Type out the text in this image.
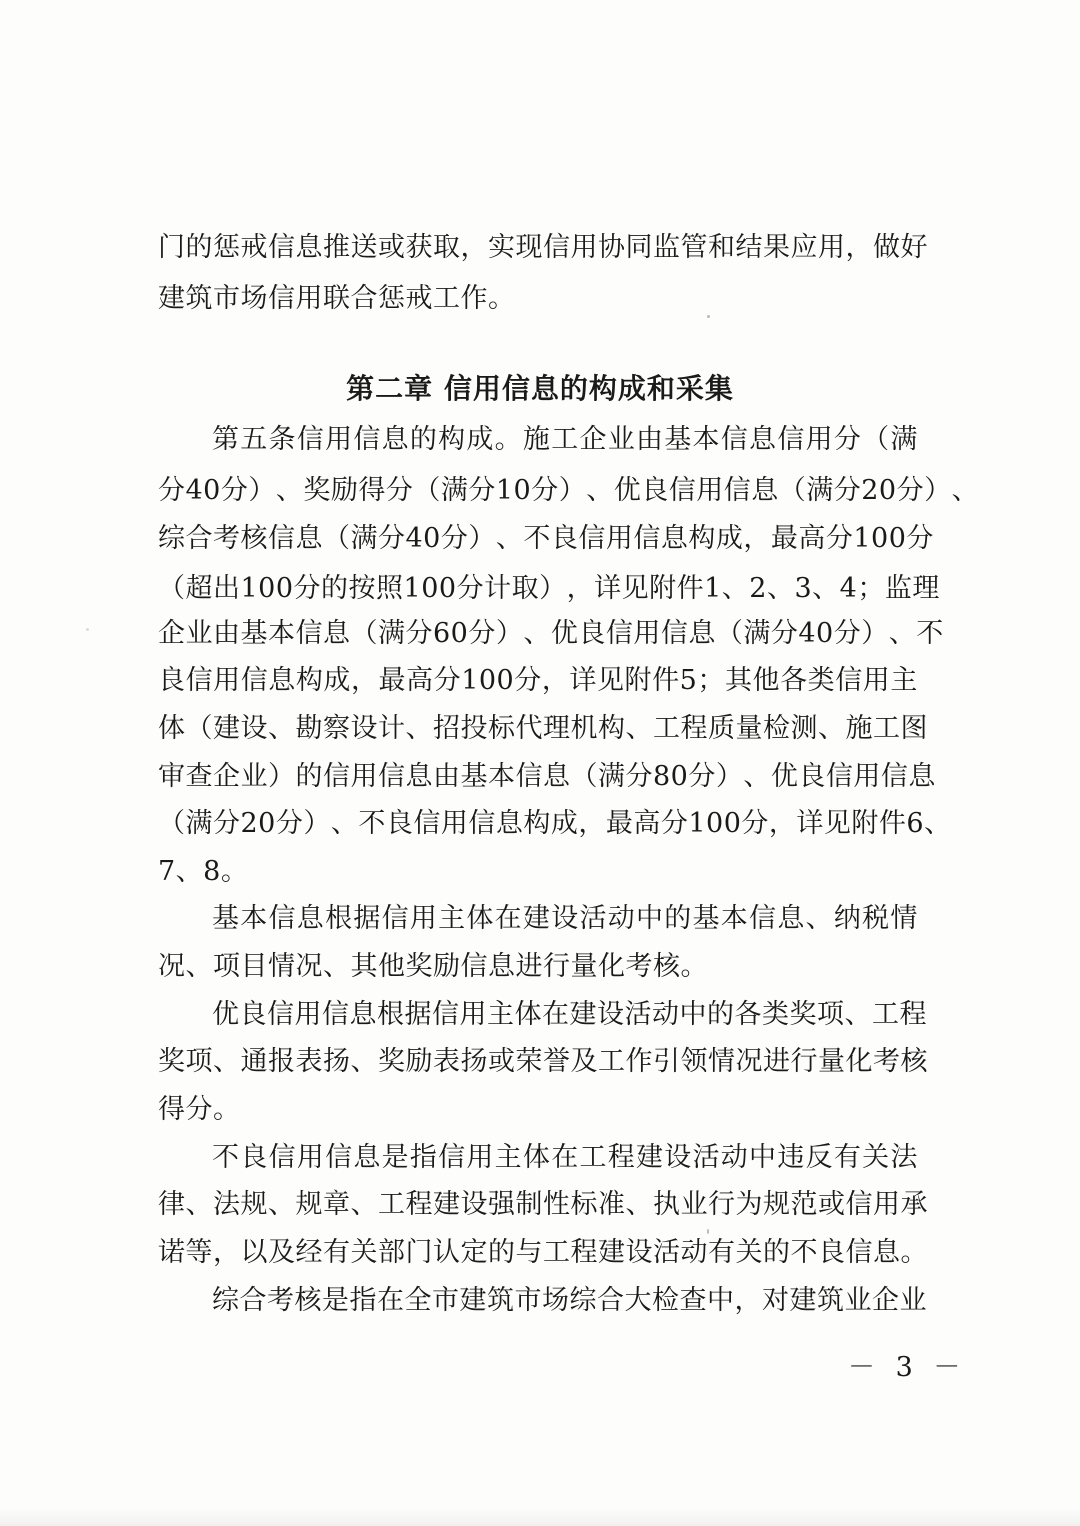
门 的 惩 戒 信 息 推 送 或 获 取 ， 实 现 信 用 协 同 监 管 和 结 果 应 用 ， 做 好
建筑市场信用联合惩戒工作。
第二章 信用信息的构成和采集
第 五 条 信 用 信 息 的 构 成 。 施 工 企 业 由 基 本 信 息 信 用 分 （ 满
分 40 分 ） 、 奖 励 得 分 （ 满 分 10 分 ） 、 优 良 信 用 信 息 （ 满 分 20 分 ） 、
综 合 考 核 信 息 （ 满 分 40 分 ） 、 不 良 信 用 信 息 构 成 ， 最 高 分 100 分
（ 超 出 100 分 的 按 照 100 分 计 取 ） ， 详 见 附 件 1 、 2 、 3 、 4 ； 监 理
企 业 由 基 本 信 息 （ 满 分 60 分 ） 、 优 良 信 用 信 息 （ 满 分 40 分 ） 、 不
良 信 用 信 息 构 成 ， 最 高 分 100 分 ， 详 见 附 件 5 ； 其 他 各 类 信 用 主
体 （ 建 设 、 勘 察 设 计 、 招 投 标 代 理 机 构 、 工 程 质 量 检 测 、 施 工 图
审 查 企 业 ） 的 信 用 信 息 由 基 本 信 息 （ 满 分 80 分 ） 、 优 良 信 用 信 息
（ 满 分 20 分 ） 、 不 良 信 用 信 息 构 成 ， 最 高 分 100 分 ， 详 见 附 件 6 、
7、8。
基 本 信 息 根 据 信 用 主 体 在 建 设 活 动 中 的 基 本 信 息 、 纳 税 情
况、项目情况、其他奖励信息进行量化考核。
优 良 信 用 信 息 根 据 信 用 主 体 在 建 设 活 动 中 的 各 类 奖 项 、 工 程
奖 项 、 通 报 表 扬 、 奖 励 表 扬 或 荣 誉 及 工 作 引 领 情 况 进 行 量 化 考 核
得分。
不 良 信 用 信 息 是 指 信 用 主 体 在 工 程 建 设 活 动 中 违 反 有 关 法
律 、 法 规 、 规 章 、 工 程 建 设 强 制 性 标 准 、 执 业 行 为 规 范 或 信 用 承
诺 等 ， 以 及 经 有 关 部 门 认 定 的 与 工 程 建 设 活 动 有 关 的 不 良 信 息 。
综 合 考 核 是 指 在 全 市 建 筑 市 场 综 合 大 检 查 中 ， 对 建 筑 业 企 业
－ 3 －
